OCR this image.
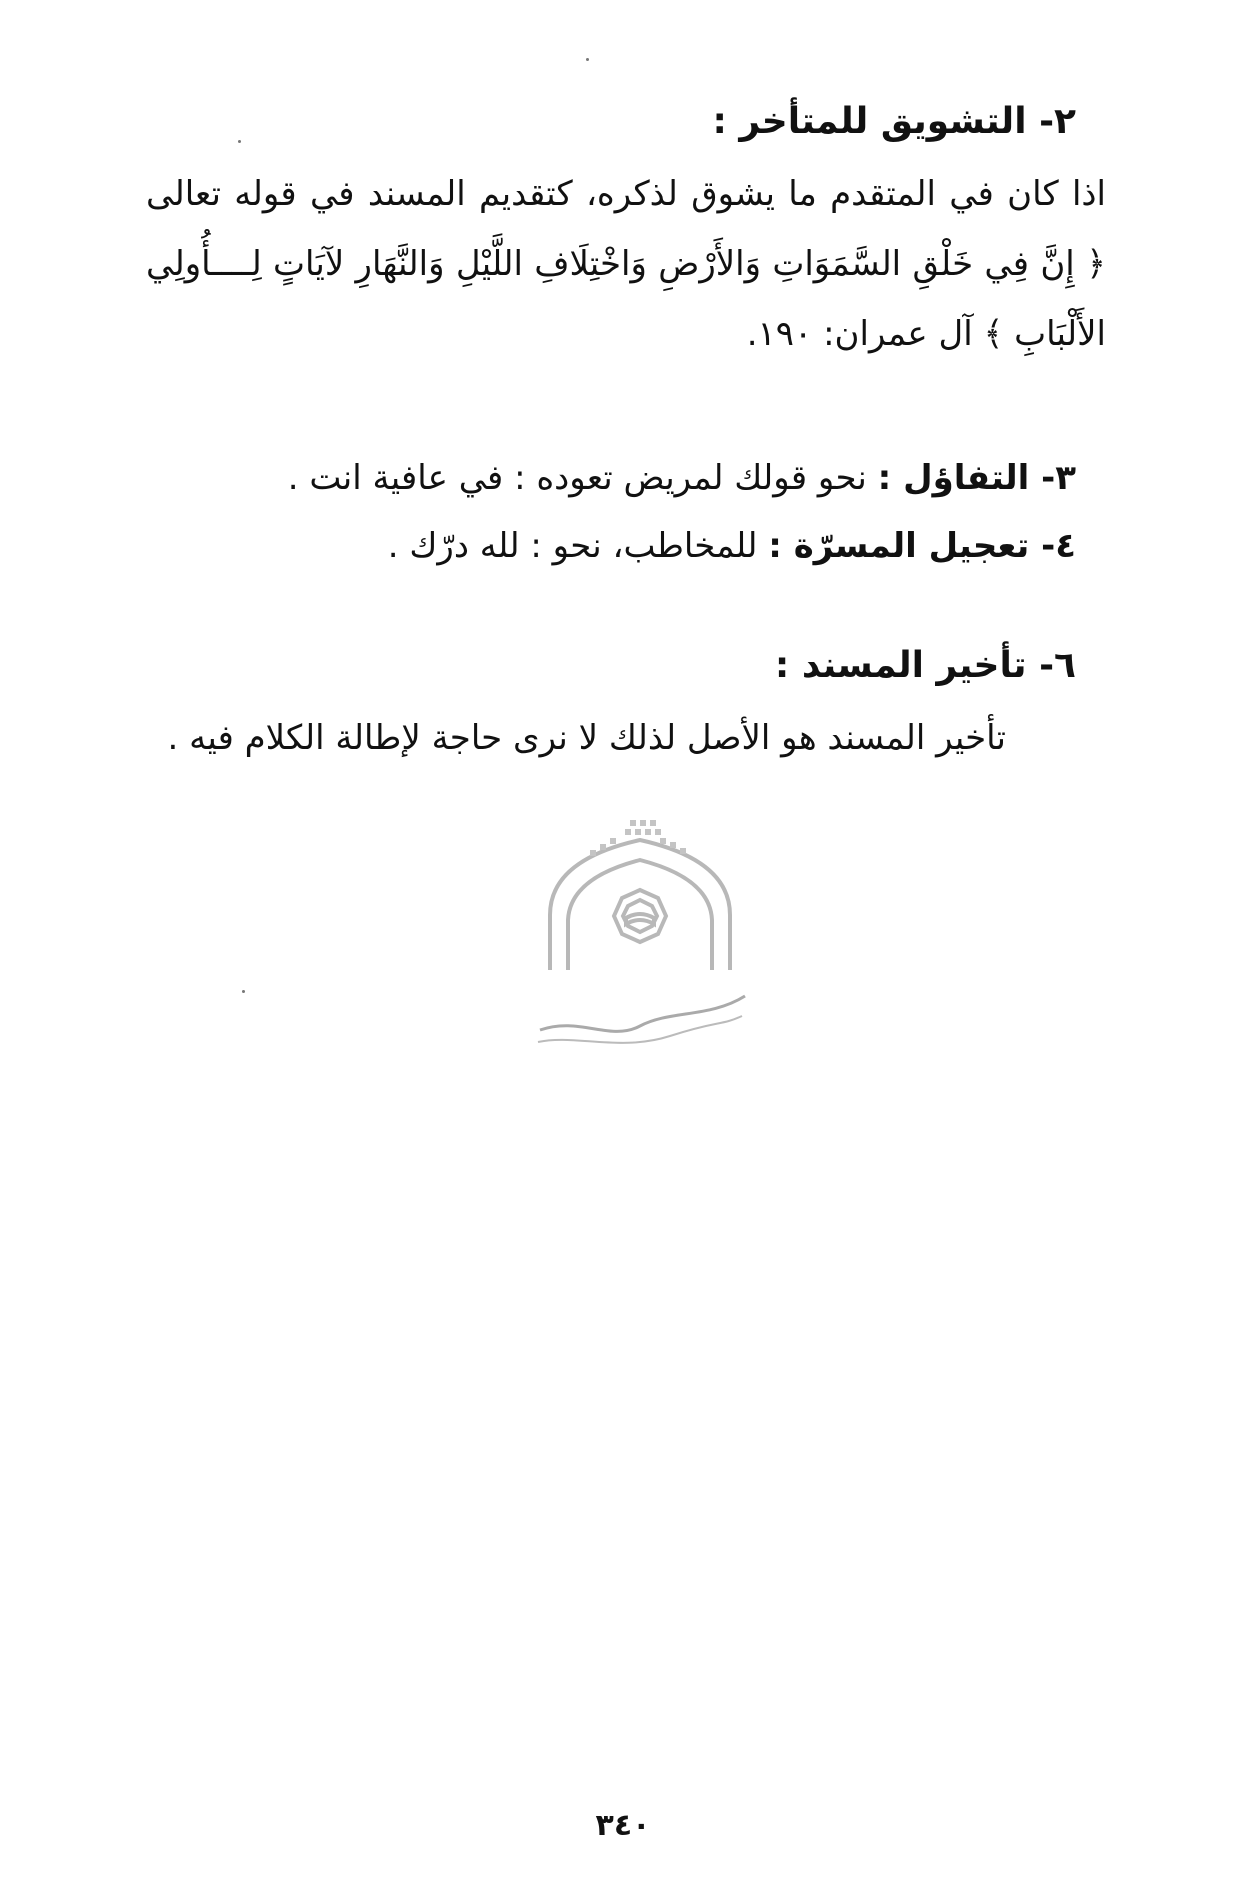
٢- التشويق للمتأخر :
اذا كان في المتقدم ما يشوق لذكره، كتقديم المسند في قوله تعالى
﴿ إِنَّ فِي خَلْقِ السَّمَوَاتِ وَالأَرْضِ وَاخْتِلَافِ اللَّيْلِ وَالنَّهَارِ لآيَاتٍ لِــــأُولِي
الأَلْبَابِ ﴾ آل عمران: ١٩٠.
٣- التفاؤل : نحو قولك لمريض تعوده : في عافية انت .
٤- تعجيل المسرّة : للمخاطب، نحو : لله درّك .
٦- تأخير المسند :
تأخير المسند هو الأصل لذلك لا نرى حاجة لإطالة الكلام فيه .
٣٤٠
